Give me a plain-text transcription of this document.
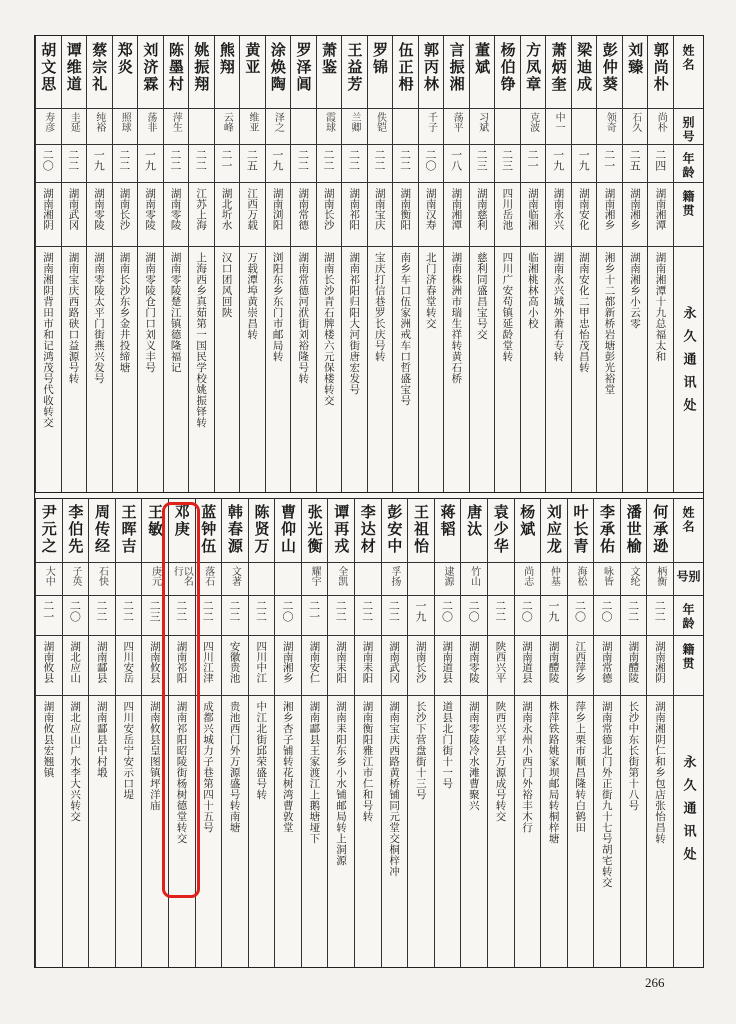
姓名
别号
年龄
籍贯
永久通讯处
郭尚朴
尚朴
二四
湖南湘潭
湖南湘潭十九总福太和
刘臻
石久
二五
湖南湘乡
湖南湘乡小云零
彭仲葵
领奇
二一
湖南湘乡
湘乡十二都新桥岩塘彭光裕堂
梁迪成
一九
湖南安化
湖南安化二甲忠怡茂昌转
萧炳奎
中一
一九
湖南永兴
湖南永兴城外萧有专转
方凤章
克波
二一
湖南临湘
临湘桃林高小校
杨伯铮
二三
四川岳池
四川广安苟镇延龄堂转
董斌
习斌
二三
湖南慈利
慈利同盛昌宝号交
言振湘
荡平
一八
湖南湘潭
湖南株洲市瑞生祥转黄石桥
郭丙林
千子
二〇
湖南汉寿
北门济春堂转交
伍正枏
二二
湖南衡阳
南乡车口伍家洲戒车口哲盛宝号
罗锦
佚铠
二二
湖南宝庆
宝庆打信巷罗长庆号转
王益芳
兰卿
二二
湖南祁阳
湖南祁阳归阳大河街唐宏发号
萧鉴
霞球
二二
湖南长沙
湖南长沙青石牌楼六元保楼转交
罗泽阊
二二
湖南常德
湖南常德河洑街刘裕隆号转
涂焕陶
泽之
一九
湖南浏阳
浏阳东乡东门市邮局转
黄亚
维亚
二五
江西万载
万载潭埠黄崇昌转
熊翔
云峰
二一
湖北圻水
汉口团风回陕
姚振翔
二二
江苏上海
上海西乡真茹第一国民学校姚振铎转
陈墨村
萍生
二二
湖南零陵
湖南零陵楚江镇德隆福记
刘济霖
荡非
一九
湖南零陵
湖南零陵仓门口刘义丰号
郑炎
照球
二二
湖南长沙
湖南长沙东乡金井投缔塘
蔡宗礼
纯裕
一九
湖南零陵
湖南零陵太平门街燕兴发号
谭维道
圭延
二二
湖南武冈
湖南宝庆西路硖口益源号转
胡文思
寿彦
二〇
湖南湘阴
湖南湘阴背田市和记鸿茂号代收转交
姓名
别号
年龄
籍贯
永久通讯处
何承逊
柄衡
二二
湖南湘阴
湖南湘阴仁和乡包店张怡昌转
潘世榆
文纶
二二
湖南醴陵
长沙中东长街第十八号
李承佑
咏皆
二〇
湖南常德
湖南常德北门外正街九十七号胡宅转交
叶长青
海松
二〇
江西萍乡
萍乡上栗市顺昌隆转白鹤田
刘应龙
仲基
一九
湖南醴陵
株萍铁路姚家坝邮局转桐梓塘
杨斌
尚志
二〇
湖南道县
湖南永州小西门外裕丰木行
袁少华
二二
陕西兴平
陕西兴平县万源成号转交
唐汰
竹山
二〇
湖南零陵
湖南零陵冷水滩曹聚兴
蒋韬
逮源
二〇
湖南道县
道县北门街十一号
王祖怡
一九
湖南长沙
长沙下营盘街十三号
彭安中
孚扬
二二
湖南武冈
湖南宝庆西路黄桥铺同元堂交桐梓冲
李达材
二二
湖南耒阳
湖南衡阳雅江市仁和号转
谭再戎
全凯
二二
湖南耒阳
湖南耒阳东乡小水铺邮局转上洞源
张光衡
耀宇
二一
湖南安仁
湖南酃县王家渡江上鹅塘垭下
曹仰山
二〇
湖南湘乡
湘乡杏子铺转花树湾曹敦堂
陈贤万
二二
四川中江
中江北街邱荣盛号转
韩春源
文著
二二
安徽贵池
贵池西门外万源盛号转南塘
蓝钟伍
落石
二二
四川江津
成都兴城力子巷第四十五号
邓庚
以名行
二二
湖南祁阳
湖南祁阳昭陵街杨树德堂转交
王敏
庚元
二三
湖南攸县
湖南攸县皇图镇坪洋庙
王晖吉
二二
四川安岳
四川安岳宁安示口堤
周传经
石快
二二
湖南酃县
湖南酃县中村塅
李伯先
子英
二〇
湖北应山
湖北应山广水李大兴转交
尹元之
大中
二一
湖南攸县
湖南攸县宏翘镇
266
